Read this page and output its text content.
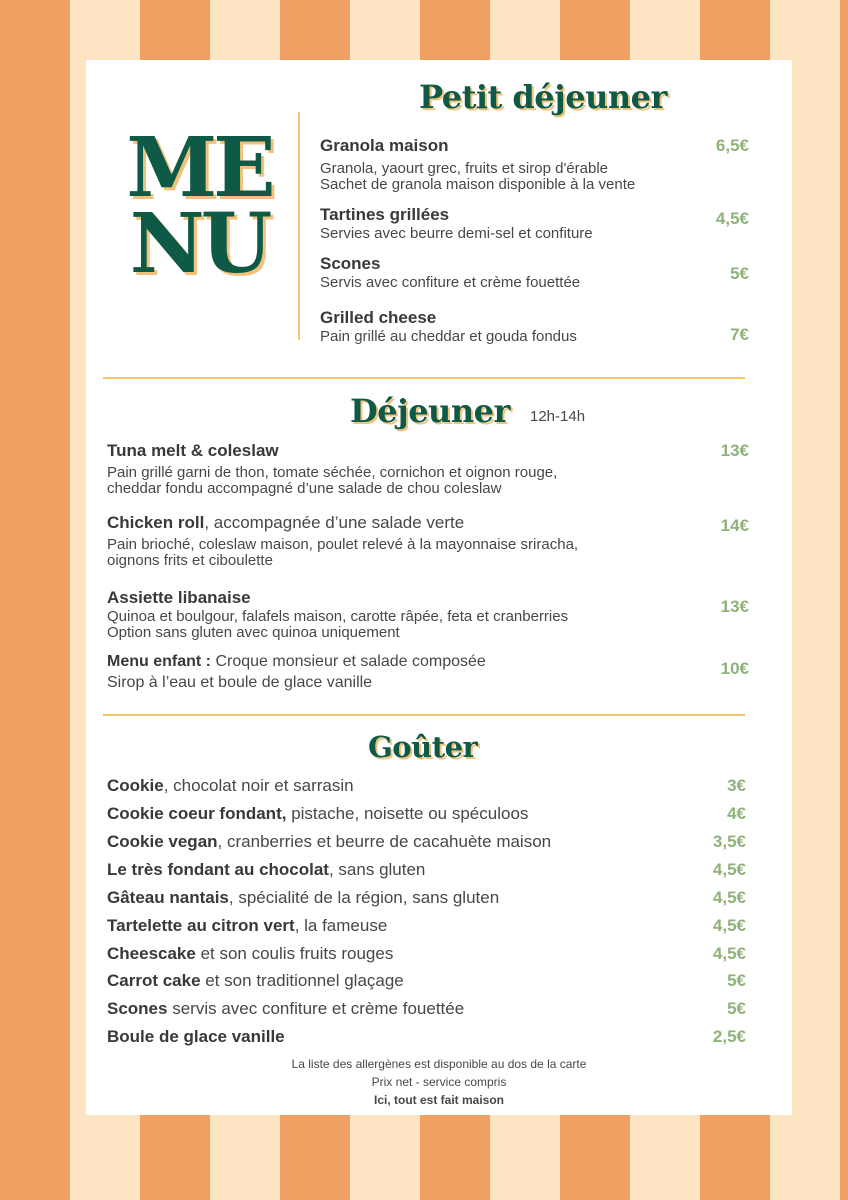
ME
NU
Petit déjeuner
Granola maison
Granola, yaourt grec, fruits et sirop d'érable
Sachet de granola maison disponible à la vente
6,5€
Tartines grillées
Servies avec beurre demi-sel et confiture
4,5€
Scones
Servis avec confiture et crème fouettée	5€
Grilled cheese
Pain grillé au cheddar et gouda fondus	7€
Déjeuner 12h-14h
Tuna melt & coleslaw
Pain grillé garni de thon, tomate séchée, cornichon et oignon rouge,
cheddar fondu accompagné d’une salade de chou coleslaw
13€
Chicken roll, accompagnée d’une salade verte
Pain brioché, coleslaw maison, poulet relevé à la mayonnaise sriracha,
oignons frits et ciboulette
14€
Assiette libanaise
Quinoa et boulgour, falafels maison, carotte râpée, feta et cranberries
Option sans gluten avec quinoa uniquement
13€
Menu enfant : Croque monsieur et salade composée
Sirop à l’eau et boule de glace vanille
10€
Goûter
Cookie, chocolat noir et sarrasin	3€
Cookie coeur fondant, pistache, noisette ou spéculoos	4€
Cookie vegan, cranberries et beurre de cacahuète maison	3,5€
Le très fondant au chocolat, sans gluten	4,5€
Gâteau nantais, spécialité de la région, sans gluten	4,5€
Tartelette au citron vert, la fameuse	4,5€
Cheescake et son coulis fruits rouges	4,5€
Carrot cake et son traditionnel glaçage	5€
Scones servis avec confiture et crème fouettée	5€
Boule de glace vanille	2,5€
La liste des allergènes est disponible au dos de la carte
Prix net - service compris
Ici, tout est fait maison
